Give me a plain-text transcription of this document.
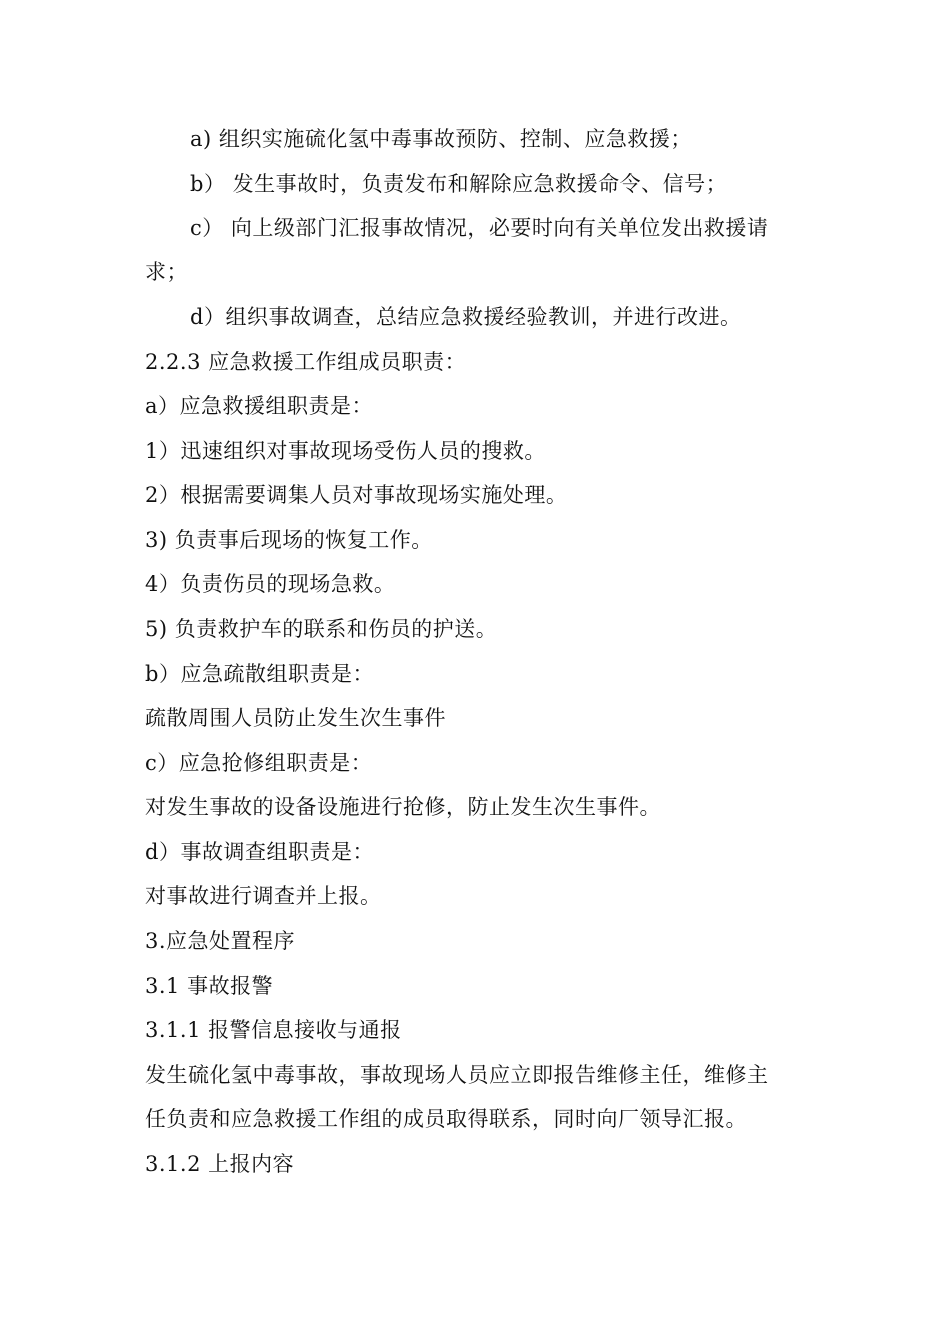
a) 组织实施硫化氢中毒事故预防、控制、应急救援；
b） 发生事故时，负责发布和解除应急救援命令、信号；
c） 向上级部门汇报事故情况，必要时向有关单位发出救援请
求；
d）组织事故调查，总结应急救援经验教训，并进行改进。
2.2.3 应急救援工作组成员职责：
a）应急救援组职责是：
1）迅速组织对事故现场受伤人员的搜救。
2）根据需要调集人员对事故现场实施处理。
3) 负责事后现场的恢复工作。
4）负责伤员的现场急救。
5) 负责救护车的联系和伤员的护送。
b）应急疏散组职责是：
疏散周围人员防止发生次生事件
c）应急抢修组职责是：
对发生事故的设备设施进行抢修，防止发生次生事件。
d）事故调查组职责是：
对事故进行调查并上报。
3.应急处置程序
3.1 事故报警
3.1.1 报警信息接收与通报
发生硫化氢中毒事故，事故现场人员应立即报告维修主任，维修主
任负责和应急救援工作组的成员取得联系，同时向厂领导汇报。
3.1.2 上报内容
